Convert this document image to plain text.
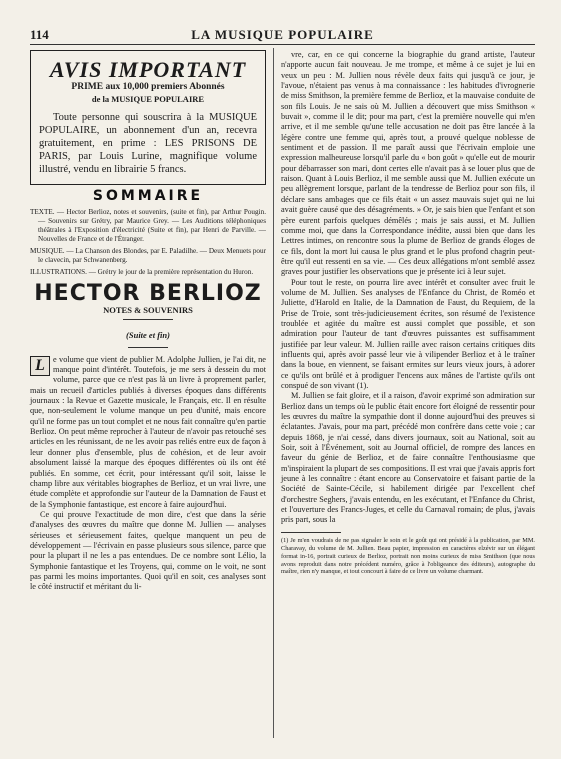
114	LA MUSIQUE POPULAIRE
AVIS IMPORTANT
PRIME aux 10,000 premiers Abonnés
de la MUSIQUE POPULAIRE
Toute personne qui souscrira à la MUSIQUE POPULAIRE, un abonnement d'un an, recevra gratuitement, en prime : LES PRISONS DE PARIS, par Louis Lurine, magnifique volume illustré, vendu en librairie 5 francs.
SOMMAIRE

TEXTE. — Hector Berlioz, notes et souvenirs, (suite et fin), par Arthur Pougin. — Souvenirs sur Grétry, par Maurice Grey. — Les Auditions téléphoniques théâtrales à l'Exposition d'électricité (Suite et fin), par Henri de Parville. — Nouvelles de France et de l'Étranger.

MUSIQUE. — La Chanson des Blondes, par E. Paladilhe. — Deux Menuets pour le clavecin, par Schwanenberg.

ILLUSTRATIONS. — Grétry le jour de la première représentation du Huron.

HECTOR BERLIOZ
NOTES & SOUVENIRS
(Suite et fin)

L e volume que vient de publier M. Adolphe Jullien, je l'ai dit, ne manque point d'intérêt. Toutefois, je me sers à dessein du mot volume, parce que ce n'est pas là un livre à proprement parler, mais un recueil d'articles publiés à diverses époques dans différents journaux : la Revue et Gazette musicale, le Français, etc. Il en résulte que, non-seulement le volume manque un peu d'unité, mais encore qu'il ne forme pas un tout complet et ne nous fait connaître qu'en partie Berlioz. On peut même reprocher à l'auteur de n'avoir pas retouché ses articles en les réunissant, de ne les avoir pas reliés entre eux de façon à leur donner plus d'ensemble, plus de cohésion, et de leur avoir absolument laissé la marque des époques différentes où ils ont été publiés. En somme, cet écrit, pour intéressant qu'il soit, laisse le champ libre aux véritables biographes de Berlioz, et un vrai livre, une étude complète et approfondie sur l'auteur de la Damnation de Faust et de la Symphonie fantastique, est encore à faire aujourd'hui.

Ce qui prouve l'exactitude de mon dire, c'est que dans la série d'analyses des œuvres du maître que donne M. Jullien — analyses sérieuses et sérieusement faites, quelque manquent un peu de développement — l'écrivain en passe plusieurs sous silence, parce que pour la plupart il ne les a pas entendues. De ce nombre sont Lélio, la Symphonie fantastique et les Troyens, qui, comme on le voit, ne sont pas parmi les moins importantes. Quoi qu'il en soit, ces analyses sont le côté instructif et méritant du li-

vre, car, en ce qui concerne la biographie du grand artiste, l'auteur n'apporte aucun fait nouveau. Je me trompe, et même à ce sujet je lui en veux un peu : M. Jullien nous révèle deux faits qui jusqu'à ce jour, je l'avoue, n'étaient pas venus à ma connaissance : les habitudes d'ivrognerie de miss Smithson, la première femme de Berlioz, et la mauvaise conduite de son fils Louis. Je ne sais où M. Jullien a découvert que miss Smithson « buvait », comme il le dit; pour ma part, c'est la première nouvelle qui m'en arrive, et il me semble qu'une telle accusation ne doit pas être lancée à la légère contre une femme qui, après tout, a prouvé quelque noblesse de sentiment et de passion. Il me paraît aussi que l'écrivain emploie une expression malheureuse lorsqu'il parle du « bon goût » qu'elle eut de mourir pour débarrasser son mari, dont certes elle n'avait pas à se louer plus que de raison. Quant à Louis Berlioz, il me semble aussi que M. Jullien exécute un peu allègrement lorsque, parlant de la tendresse de Berlioz pour son fils, il déclare sans ambages que ce fils était « un assez mauvais sujet qui ne lui avait guère causé que des désagréments. » Or, je sais bien que l'enfant et son père eurent parfois quelques démêlés ; mais je sais aussi, et M. Jullien comme moi, que dans la Correspondance inédite, aussi bien que dans les Lettres intimes, on rencontre sous la plume de Berlioz de grands éloges de ce fils, dont la mort lui causa le plus grand et le plus profond chagrin peut-être qu'il eut ressenti en sa vie. — Ces deux allégations m'ont semblé assez graves pour justifier les observations que je présente ici à leur sujet.

Pour tout le reste, on pourra lire avec intérêt et consulter avec fruit le volume de M. Jullien. Ses analyses de l'Enfance du Christ, de Roméo et Juliette, d'Harold en Italie, de la Damnation de Faust, du Requiem, de la Prise de Troie, sont très-judicieusement écrites, son résumé de l'existence troublée et agitée du maître est aussi complet que possible, et son admiration pour l'auteur de tant d'œuvres puissantes est suffisamment justifiée par leur valeur. M. Jullien raille avec raison certains critiques dits influents qui, après avoir passé leur vie à vilipender Berlioz et à le traîner dans la boue, en viennent, se faisant ermites sur leurs vieux jours, à adorer ce qu'ils ont brûlé et à prodiguer l'encens aux mânes de l'artiste qu'ils ont conspué de son vivant (1).

M. Jullien se fait gloire, et il a raison, d'avoir exprimé son admiration sur Berlioz dans un temps où le public était encore fort éloigné de ressentir pour les œuvres du maître la sympathie dont il donne aujourd'hui des preuves si éclatantes. J'avais, pour ma part, précédé mon confrère dans cette voie ; car depuis 1868, je n'ai cessé, dans divers journaux, soit au National, soit au Soir, soit à l'Événement, soit au Journal officiel, de rompre des lances en faveur du génie de Berlioz, et de faire connaître l'enthousiasme que m'inspiraient la plupart de ses compositions. Il est vrai que j'avais appris fort jeune à les connaître : étant encore au Conservatoire et faisant partie de la Société de Sainte-Cécile, si habilement dirigée par l'excellent chef d'orchestre Seghers, j'avais entendu, en les exécutant, et l'Enfance du Christ, et l'ouverture des Francs-Juges, et celle du Carnaval romain; de plus, j'avais pris part, sous la

(1) Je m'en voudrais de ne pas signaler le soin et le goût qui ont présidé à la publication, par MM. Charavay, du volume de M. Jullien. Beau papier, impression en caractères elzévir sur un élégant format in-16, portrait curieux de Berlioz, portrait non moins curieux de miss Smithson (que nous avons reproduit dans notre précédent numéro, grâce à l'obligeance des éditeurs), autographe du maître, rien n'y manque, et tout concourt à faire de ce livre un volume charmant.
